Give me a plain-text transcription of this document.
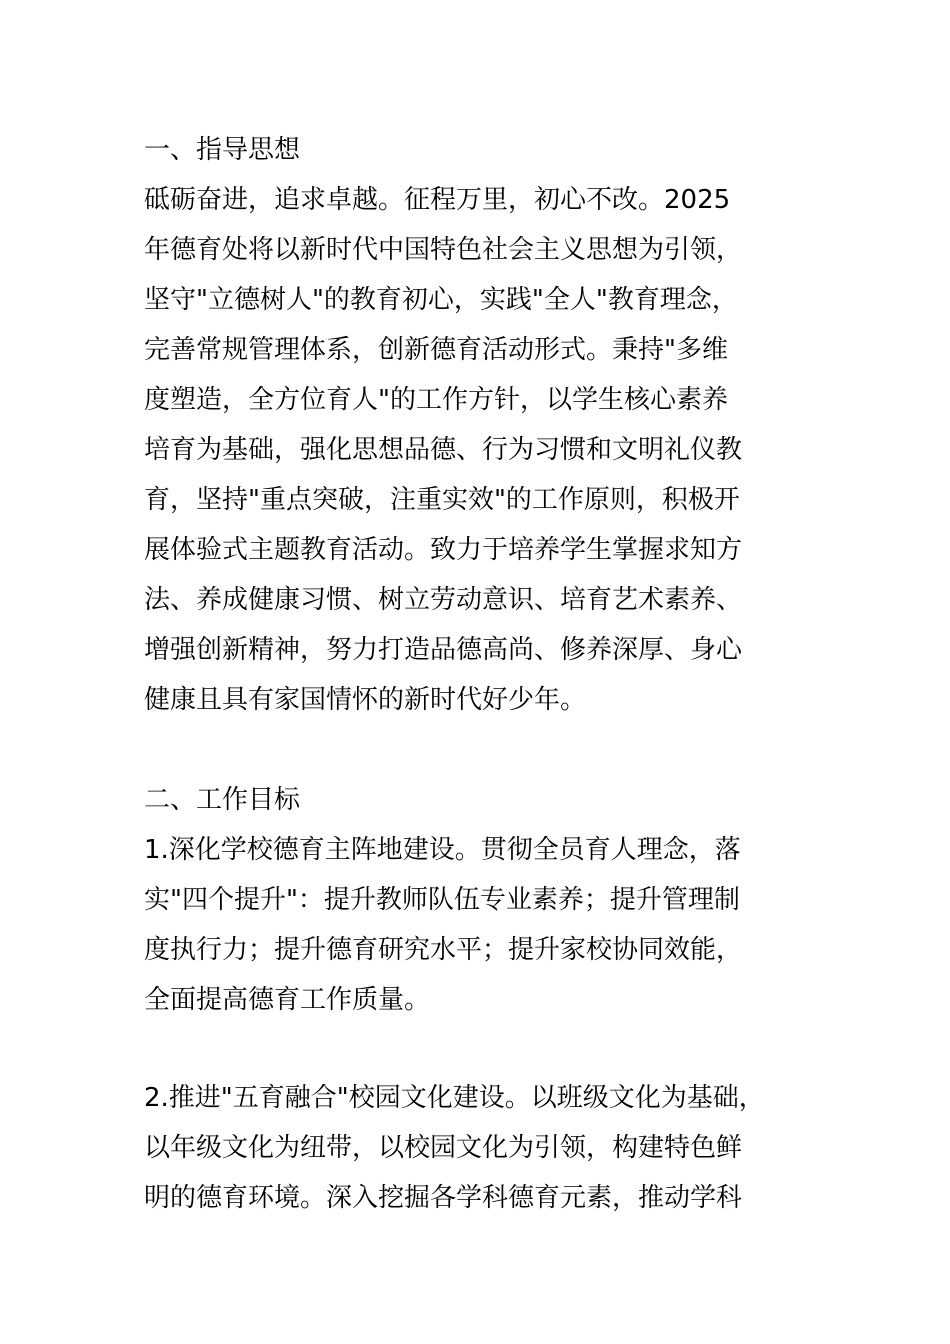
一、指导思想
砥砺奋进，追求卓越。征程万里，初心不改。2025
年德育处将以新时代中国特色社会主义思想为引领，
坚守"立德树人"的教育初心，实践"全人"教育理念，
完善常规管理体系，创新德育活动形式。秉持"多维
度塑造，全方位育人"的工作方针，以学生核心素养
培育为基础，强化思想品德、行为习惯和文明礼仪教
育，坚持"重点突破，注重实效"的工作原则，积极开
展体验式主题教育活动。致力于培养学生掌握求知方
法、养成健康习惯、树立劳动意识、培育艺术素养、
增强创新精神，努力打造品德高尚、修养深厚、身心
健康且具有家国情怀的新时代好少年。
二、工作目标
1.深化学校德育主阵地建设。贯彻全员育人理念，落
实"四个提升"：提升教师队伍专业素养；提升管理制
度执行力；提升德育研究水平；提升家校协同效能，
全面提高德育工作质量。
2.推进"五育融合"校园文化建设。以班级文化为基础，
以年级文化为纽带，以校园文化为引领，构建特色鲜
明的德育环境。深入挖掘各学科德育元素，推动学科
